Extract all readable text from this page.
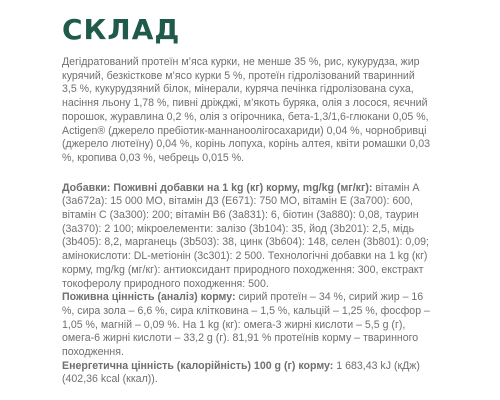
СКЛАД

Дегідратований протеїн м’яса курки, не менше 35 %, рис, кукурудза, жир курячий, безкісткове м’ясо курки 5 %, протеїн гідролізований тваринний 3,5 %, кукурудзяний білок, мінерали, куряча печінка гідролізована суха, насіння льону 1,78 %, пивні дріжджі, м’якоть буряка, олія з лосося, яєчний порошок, журавлина 0,2 %, олія з огірочника, бета-1,3/1,6-глюкани 0,05 %, Actigen® (джерело пребіотик-маннаноолігосахариди) 0,04 %, чорнобривці (джерело лютеїну) 0,04 %, корінь лопуха, корінь алтея, квіти ромашки 0,03 %, кропива 0,03 %, чебрець 0,015 %.

Добавки: Поживні добавки на 1 kg (кг) корму, mg/kg (мг/кг): вітамін А (3а672а): 15 000 МО, вітамін Д3 (Е671): 750 МО, вітамін Е (3а700): 600, вітамін С (3а300): 200; вітамін В6 (3а831): 6, біотин (3а880): 0,08, таурин (3а370): 2 100; мікроелементи: залізо (3b104): 35, йод (3b201): 2,5, мідь (3b405): 8,2, марганець (3b503): 38, цинк (3b604): 148, селен (3b801): 0,09; амінокислоти: DL-метіонін (3c301): 2 500. Технологічні добавки на 1 kg (кг) корму, mg/kg (мг/кг): антиоксидант природного походження: 300, екстракт токоферолу природного походження: 500.

Поживна цінність (аналіз) корму: сирий протеїн – 34 %, сирий жир – 16 %, сира зола – 6,6 %, сира клітковина – 1,5 %, кальцій – 1,25 %, фосфор – 1,05 %, магній – 0,09 %. На 1 kg (кг): омега-3 жирні кислоти – 5,5 g (г), омега-6 жирні кислоти – 33,2 g (г). 81,91 % протеїнів корму – тваринного походження.

Енергетична цінність (калорійність) 100 g (г) корму: 1 683,43 kJ (кДж) (402,36 kcal (ккал)).
